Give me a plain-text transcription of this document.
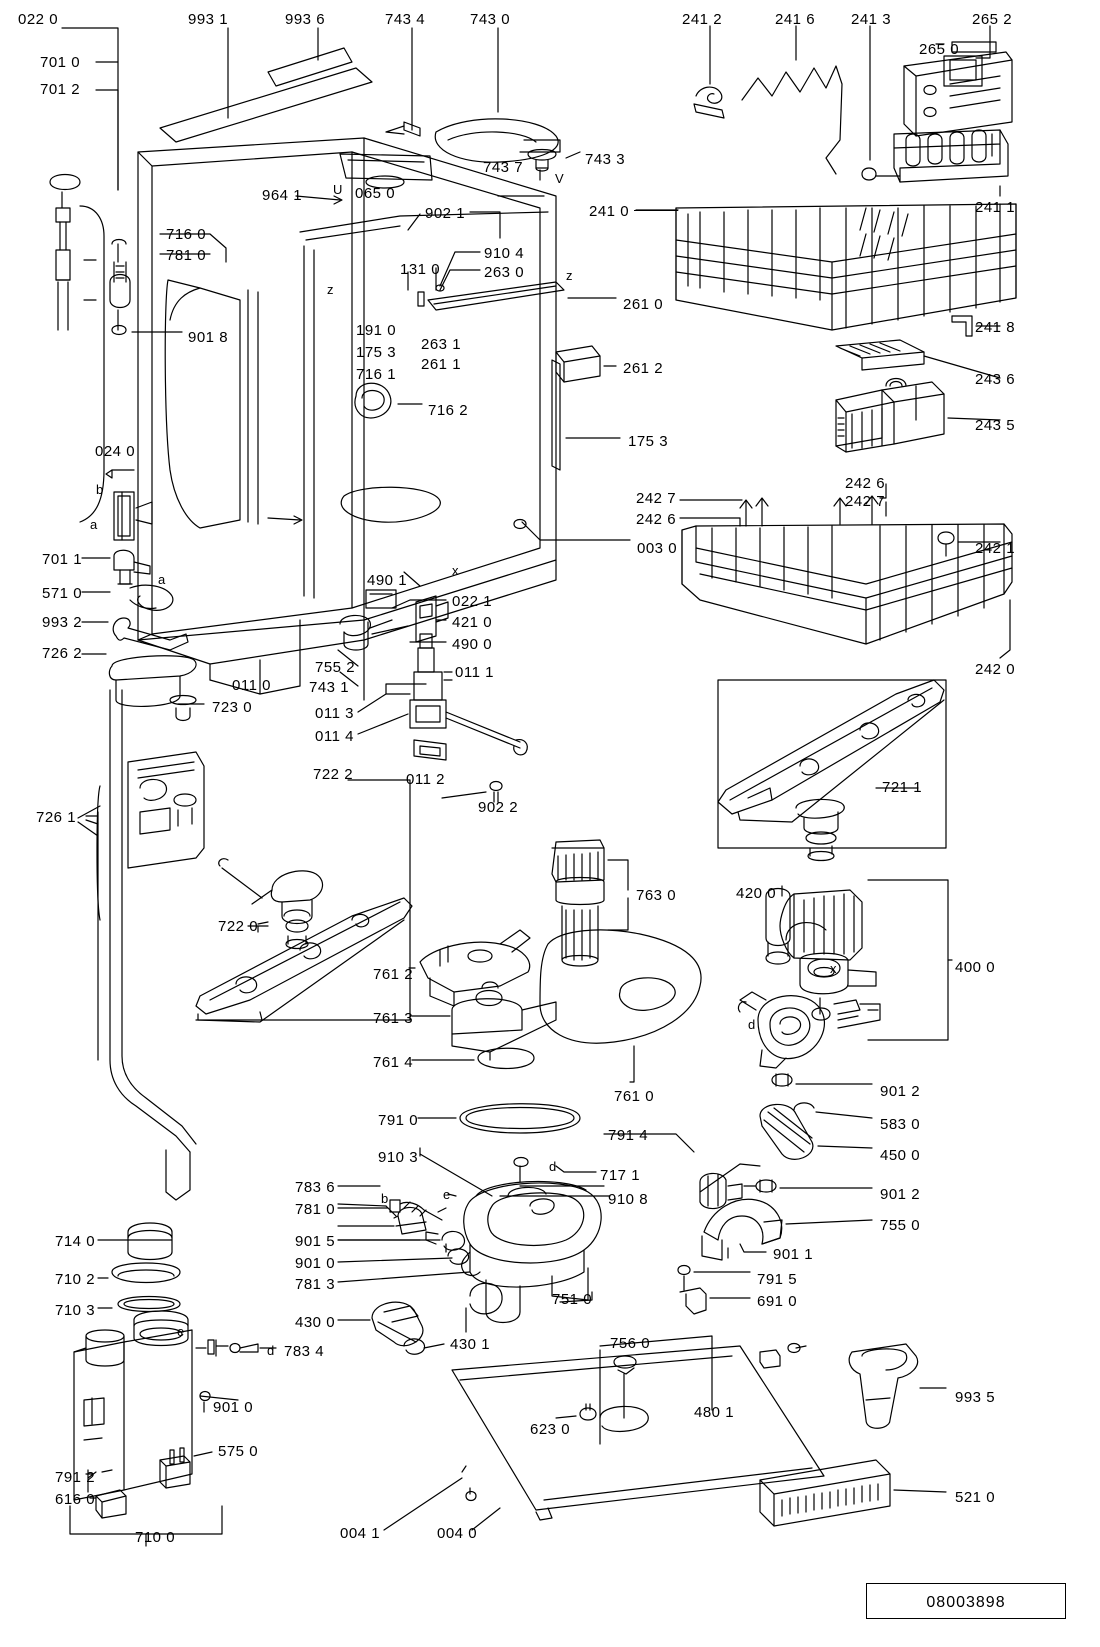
08003898
022 0	993 1	993 6	743 4	743 0	241 2	241 6 241 3	265 2
265 0
701 0
701 2
743 7	743 3
241 1
964 1	065 0
902 1	241 0
716 0
781 0	910 4
263 0
131 0
261 0
901 8	191 0
263 1
175 3
261 1	261 2
716 1
241 8
243 6
716 2
243 5
175 3
024 0
242 6
242 7	242 7
b
242 6
a
242 1
003 0
701 1
571 0
490 1
x
022 1
993 2	421 0
490 0
726 2
242 0
755 2	011 1
011 0	743 1
723 0	011 3
011 4
722 2	011 2	721 1
902 2
726 1
763 0	420 0
722 0
400 0
x
761 2
761 3	d
761 4
901 2
761 0
791 0	583 0
791 4
450 0
910 3
d
717 1
783 6	901 2
910 8
781 0
b	e
755 0
714 0	901 5
901 0
901 1
710 2	781 3	791 5
751 0	691 0
710 3
e
430 0
430 1	756 0
783 4
d
901 0
993 5
480 1
623 0
575 0
791 2
616 0	521 0
710 0	004 1	004 0
z
z
U
V
a
